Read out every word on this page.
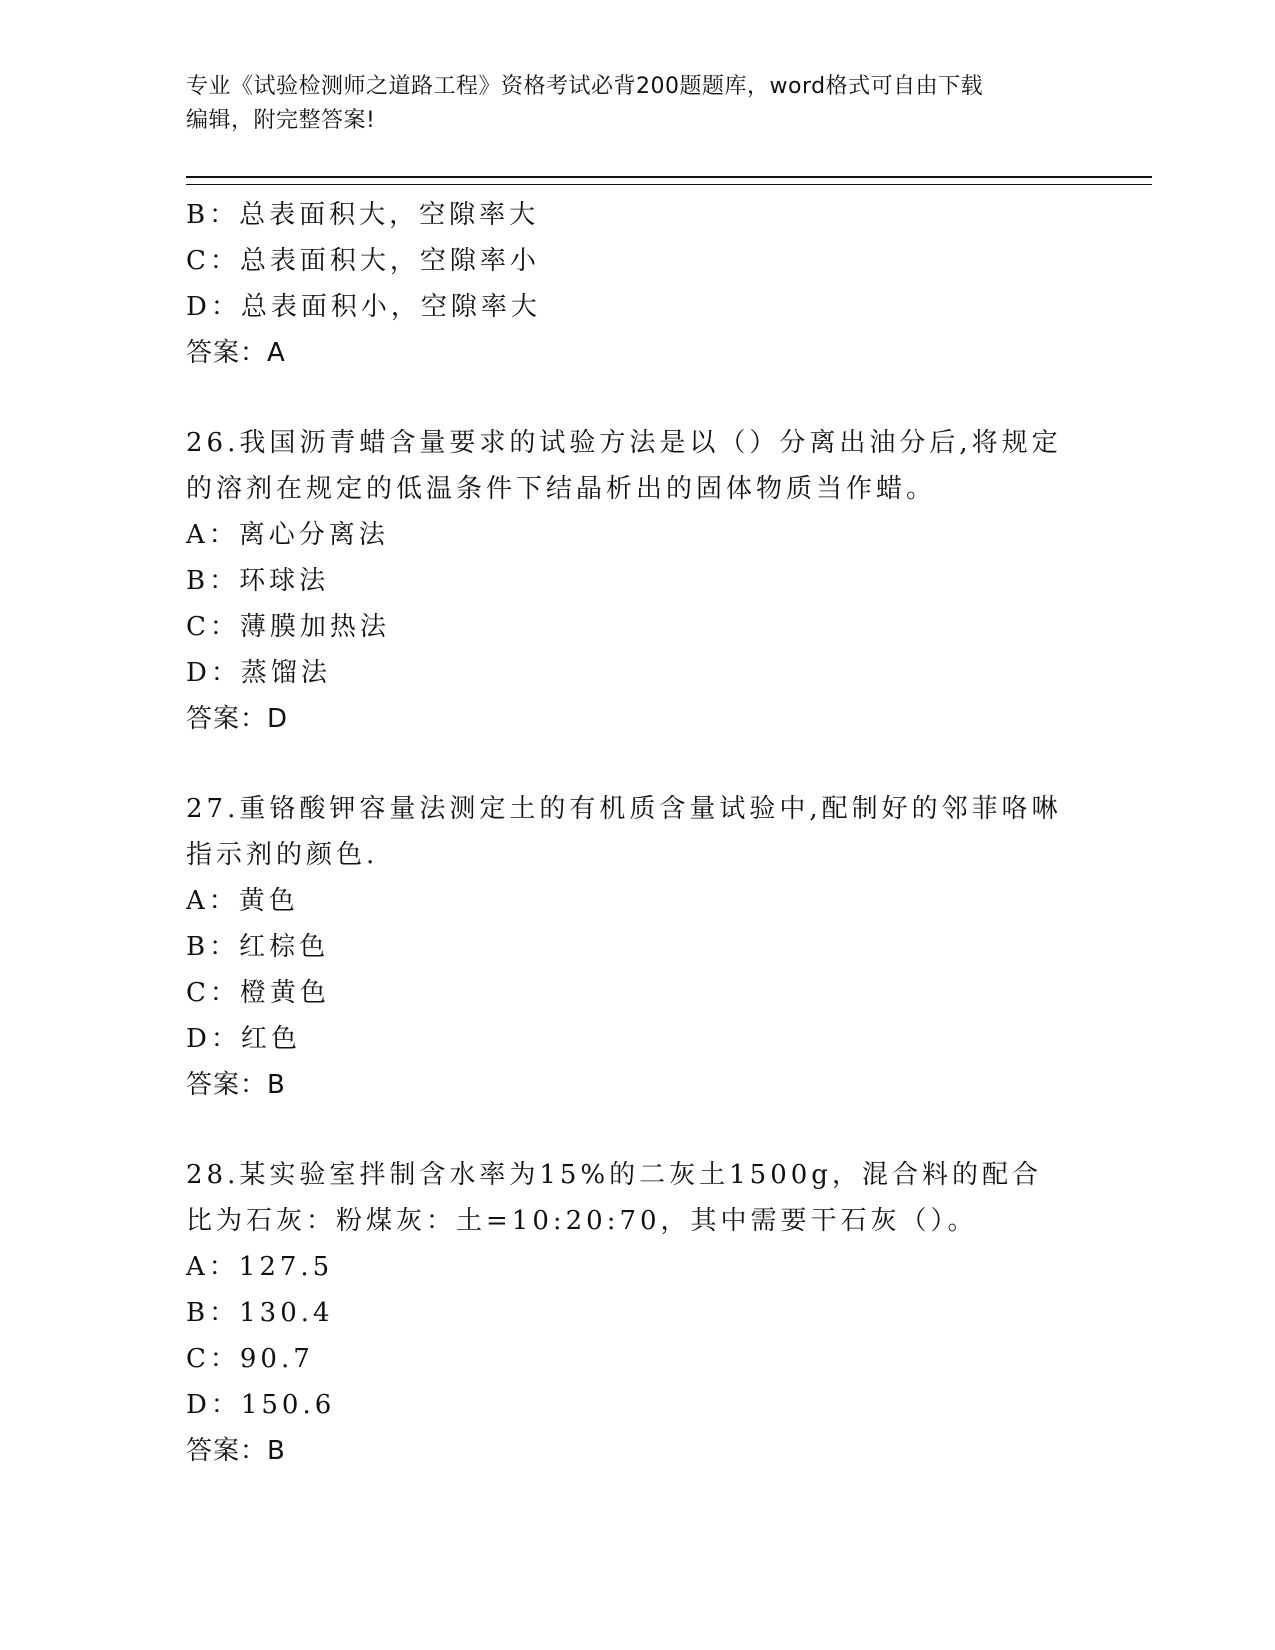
专业《试验检测师之道路工程》资格考试必背200题题库，word格式可自由下载
编辑，附完整答案!
B：总表面积大，空隙率大
C：总表面积大，空隙率小
D：总表面积小，空隙率大
答案：A
26.我国沥青蜡含量要求的试验方法是以（）分离出油分后,将规定的溶剂在规定的低温条件下结晶析出的固体物质当作蜡。
A：离心分离法
B：环球法
C：薄膜加热法
D：蒸馏法
答案：D
27.重铬酸钾容量法测定土的有机质含量试验中,配制好的邻菲咯啉指示剂的颜色.
A：黄色
B：红棕色
C：橙黄色
D：红色
答案：B
28.某实验室拌制含水率为15%的二灰土1500g，混合料的配合比为石灰：粉煤灰：土=10:20:70，其中需要干石灰（）。
A：127.5
B：130.4
C：90.7
D：150.6
答案：B
